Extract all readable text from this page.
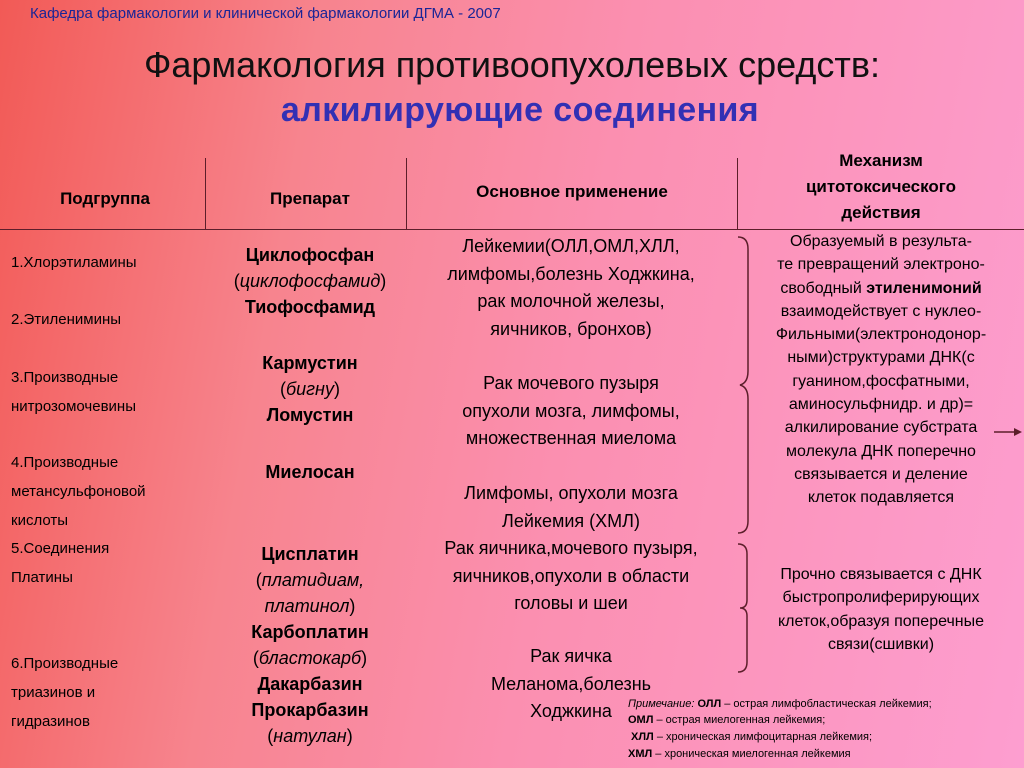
Кафедра фармакологии и клинической фармакологии ДГМА - 2007
Фармакология противоопухолевых средств:
алкилирующие соединения
Подгруппа	Препарат	Основное применение
Механизм
цитотоксического
действия
1.Хлорэтиламины
2.Этиленимины
3.Производные
нитрозомочевины
4.Производные
метансульфоновой
кислоты
5.Соединения
Платины
6.Производные
триазинов и
гидразинов
Циклофосфан
(циклофосфамид)
Тиофосфамид
Кармустин
(бигну)
Ломустин
Миелосан
Цисплатин
(платидиам,
платинол)
Карбоплатин
(бластокарб)
Дакарбазин
Прокарбазин
(натулан)
Лейкемии(ОЛЛ,ОМЛ,ХЛЛ,
лимфомы,болезнь Ходжкина,
рак молочной железы,
яичников, бронхов)
Рак мочевого пузыря
опухоли мозга, лимфомы,
множественная миелома
Лимфомы, опухоли мозга
Лейкемия (ХМЛ)
Рак яичника,мочевого пузыря,
яичников,опухоли в области
головы и шеи
Рак яичка
Меланома,болезнь
Ходжкина
Образуемый в результа-
те превращений электроно-
свободный этиленимоний
взаимодействует с нуклео-
Фильными(электронодонор-
ными)структурами ДНК(с
гуанином,фосфатными,
аминосульфнидр. и др)=
алкилирование субстрата
молекула ДНК поперечно
связывается и деление
клеток подавляется
Прочно связывается с ДНК
быстропролиферирующих
клеток,образуя поперечные
связи(сшивки)
Примечание: ОЛЛ – острая лимфобластическая лейкемия;
ОМЛ – острая миелогенная лейкемия;
ХЛЛ – хроническая лимфоцитарная лейкемия;
ХМЛ – хроническая миелогенная лейкемия
